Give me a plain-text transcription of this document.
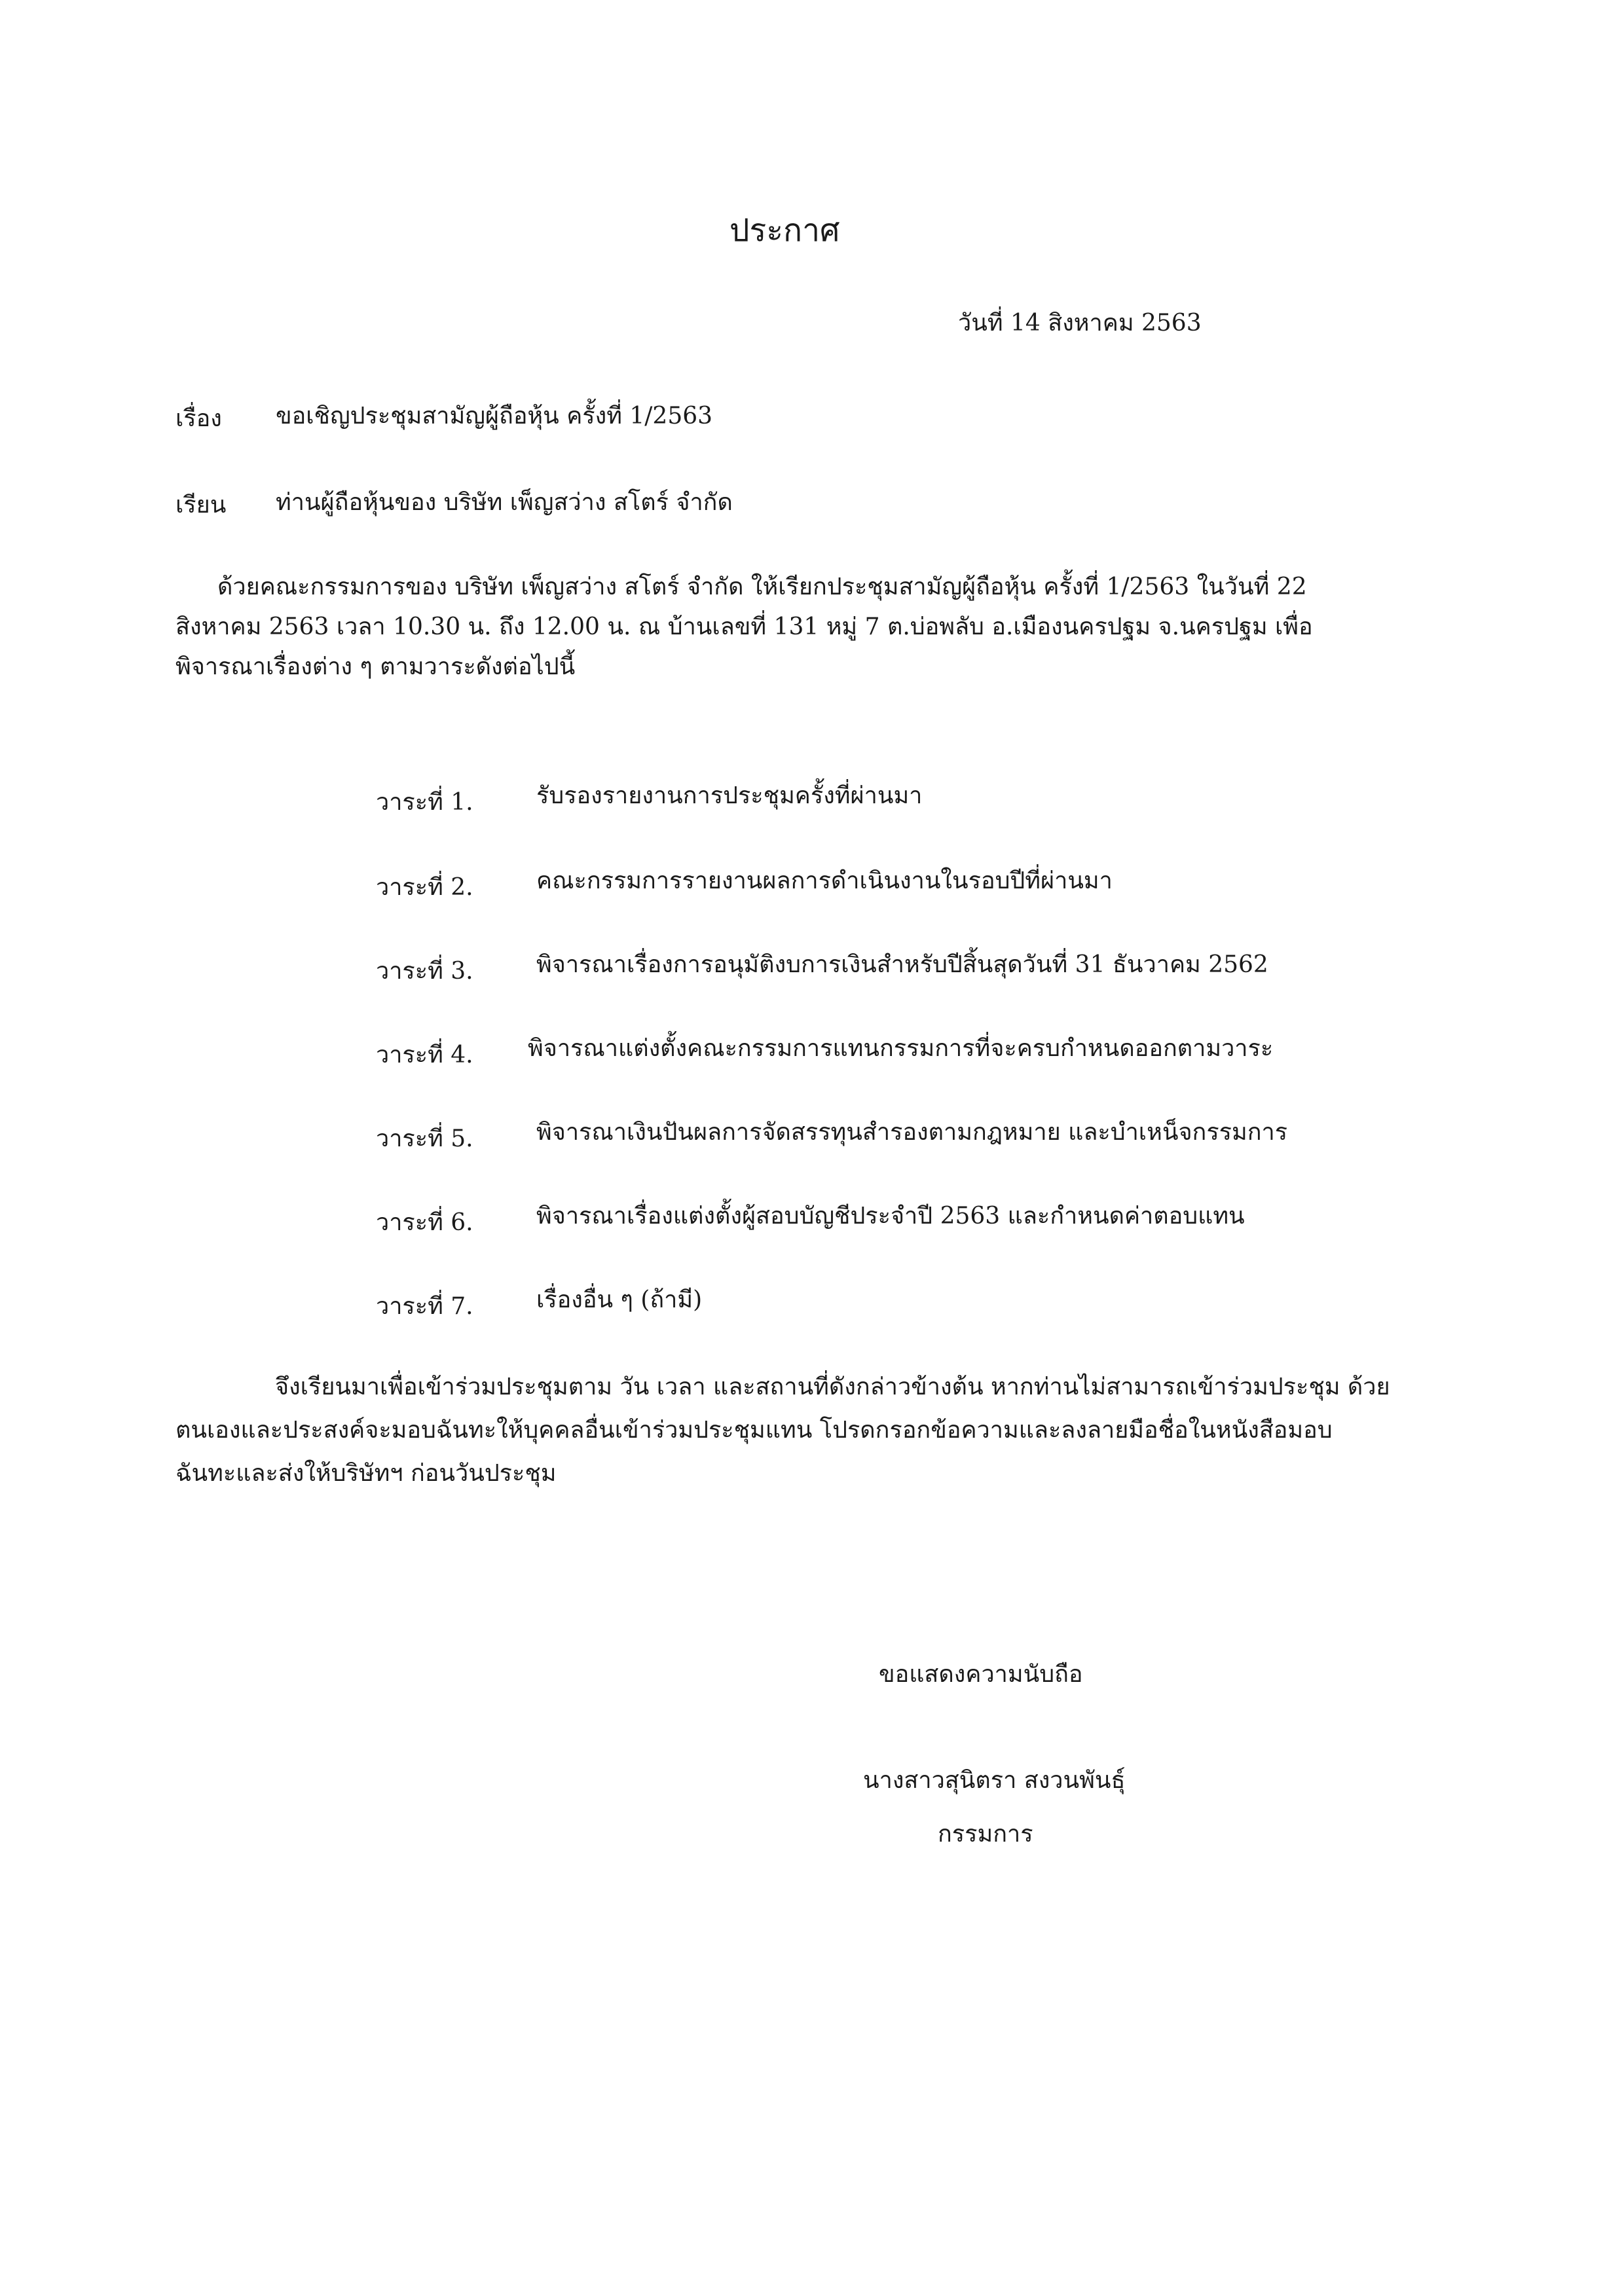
ประกาศ
วันที่ 14 สิงหาคม 2563
เรื่อง ขอเชิญประชุมสามัญผู้ถือหุ้น ครั้งที่ 1/2563
เรียน ท่านผู้ถือหุ้นของ บริษัท เพ็ญสว่าง สโตร์ จำกัด
ด้วยคณะกรรมการของ บริษัท เพ็ญสว่าง สโตร์ จำกัด ให้เรียกประชุมสามัญผู้ถือหุ้น ครั้งที่ 1/2563 ในวันที่ 22
สิงหาคม 2563 เวลา 10.30 น. ถึง 12.00 น. ณ บ้านเลขที่ 131 หมู่ 7 ต.บ่อพลับ อ.เมืองนครปฐม จ.นครปฐม เพื่อ
พิจารณาเรื่องต่าง ๆ ตามวาระดังต่อไปนี้
วาระที่ 1.	รับรองรายงานการประชุมครั้งที่ผ่านมา
วาระที่ 2.	คณะกรรมการรายงานผลการดำเนินงานในรอบปีที่ผ่านมา
วาระที่ 3.	พิจารณาเรื่องการอนุมัติงบการเงินสำหรับปีสิ้นสุดวันที่ 31 ธันวาคม 2562
วาระที่ 4. พิจารณาแต่งตั้งคณะกรรมการแทนกรรมการที่จะครบกำหนดออกตามวาระ
วาระที่ 5.	พิจารณาเงินปันผลการจัดสรรทุนสำรองตามกฎหมาย และบำเหน็จกรรมการ
วาระที่ 6.	พิจารณาเรื่องแต่งตั้งผู้สอบบัญชีประจำปี 2563 และกำหนดค่าตอบแทน
วาระที่ 7.	เรื่องอื่น ๆ (ถ้ามี)
จึงเรียนมาเพื่อเข้าร่วมประชุมตาม วัน เวลา และสถานที่ดังกล่าวข้างต้น หากท่านไม่สามารถเข้าร่วมประชุม ด้วย
ตนเองและประสงค์จะมอบฉันทะให้บุคคลอื่นเข้าร่วมประชุมแทน โปรดกรอกข้อความและลงลายมือชื่อในหนังสือมอบ
ฉันทะและส่งให้บริษัทฯ ก่อนวันประชุม
ขอแสดงความนับถือ
นางสาวสุนิตรา สงวนพันธุ์
กรรมการ
